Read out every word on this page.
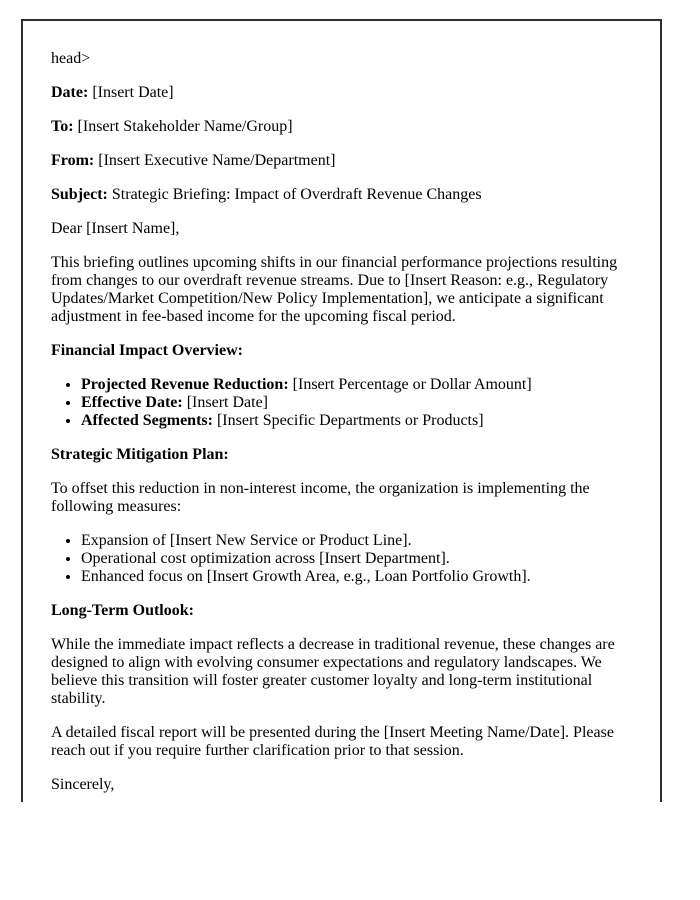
head>

Date: [Insert Date]

To: [Insert Stakeholder Name/Group]

From: [Insert Executive Name/Department]

Subject: Strategic Briefing: Impact of Overdraft Revenue Changes

Dear [Insert Name],

This briefing outlines upcoming shifts in our financial performance projections resulting from changes to our overdraft revenue streams. Due to [Insert Reason: e.g., Regulatory Updates/Market Competition/New Policy Implementation], we anticipate a significant adjustment in fee-based income for the upcoming fiscal period.

Financial Impact Overview:

• Projected Revenue Reduction: [Insert Percentage or Dollar Amount]
• Effective Date: [Insert Date]
• Affected Segments: [Insert Specific Departments or Products]

Strategic Mitigation Plan:

To offset this reduction in non-interest income, the organization is implementing the following measures:

• Expansion of [Insert New Service or Product Line].
• Operational cost optimization across [Insert Department].
• Enhanced focus on [Insert Growth Area, e.g., Loan Portfolio Growth].

Long-Term Outlook:

While the immediate impact reflects a decrease in traditional revenue, these changes are designed to align with evolving consumer expectations and regulatory landscapes. We believe this transition will foster greater customer loyalty and long-term institutional stability.

A detailed fiscal report will be presented during the [Insert Meeting Name/Date]. Please reach out if you require further clarification prior to that session.

Sincerely,
